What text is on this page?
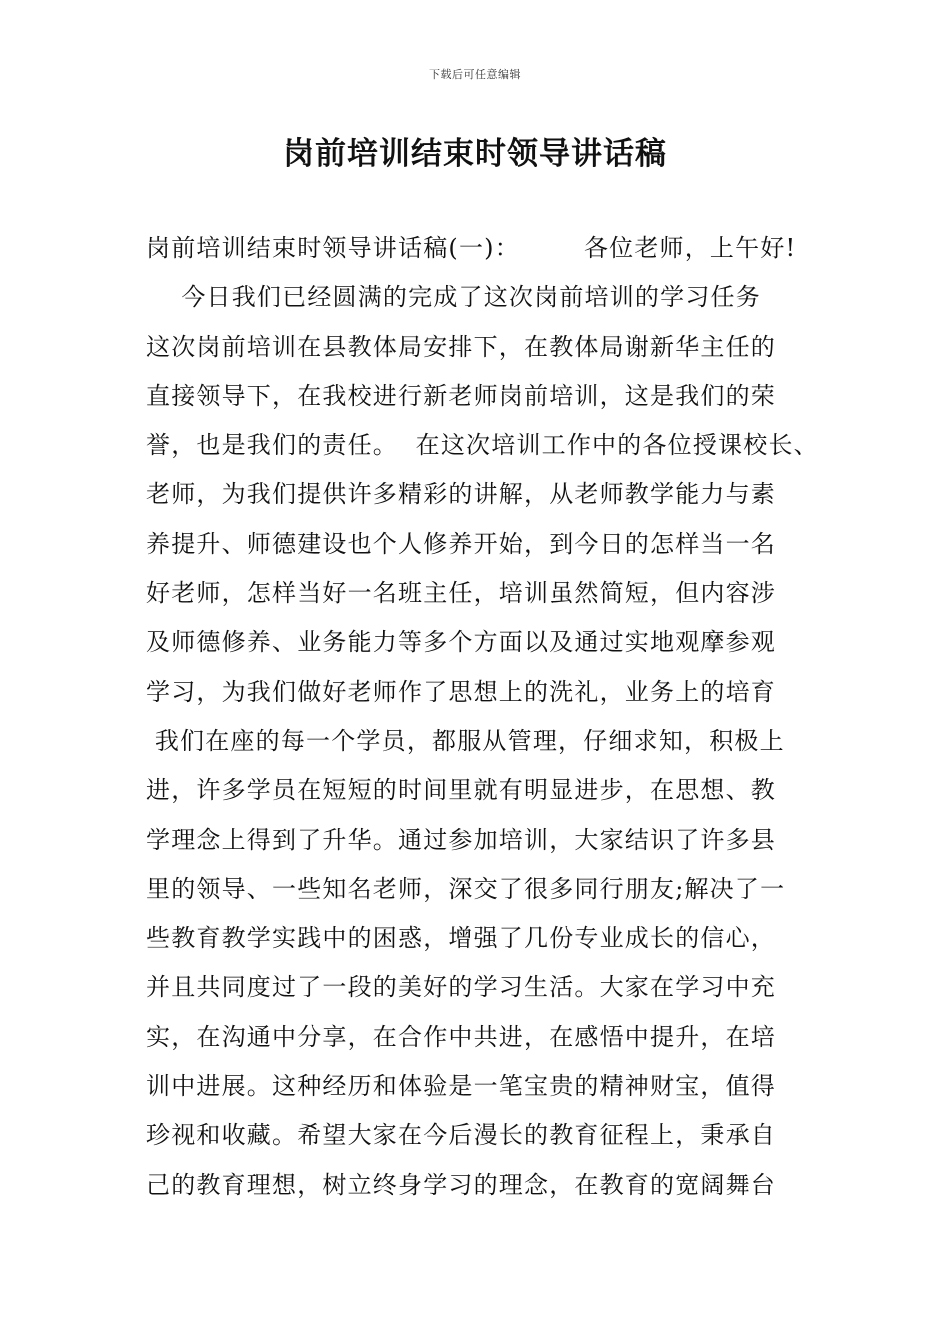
下载后可任意编辑
岗前培训结束时领导讲话稿
岗前培训结束时领导讲话稿(一)：	各位老师，上午好!
今日我们已经圆满的完成了这次岗前培训的学习任务
这次岗前培训在县教体局安排下，在教体局谢新华主任的
直接领导下，在我校进行新老师岗前培训，这是我们的荣
誉，也是我们的责任。  在这次培训工作中的各位授课校长、
老师，为我们提供许多精彩的讲解，从老师教学能力与素
养提升、师德建设也个人修养开始，到今日的怎样当一名
好老师，怎样当好一名班主任，培训虽然简短，但内容涉
及师德修养、业务能力等多个方面以及通过实地观摩参观
学习，为我们做好老师作了思想上的洗礼，业务上的培育
我们在座的每一个学员，都服从管理，仔细求知，积极上
进，许多学员在短短的时间里就有明显进步，在思想、教
学理念上得到了升华。通过参加培训，大家结识了许多县
里的领导、一些知名老师，深交了很多同行朋友;解决了一
些教育教学实践中的困惑，增强了几份专业成长的信心，
并且共同度过了一段的美好的学习生活。大家在学习中充
实，在沟通中分享，在合作中共进，在感悟中提升，在培
训中进展。这种经历和体验是一笔宝贵的精神财宝，值得
珍视和收藏。希望大家在今后漫长的教育征程上，秉承自
己的教育理想，树立终身学习的理念，在教育的宽阔舞台
